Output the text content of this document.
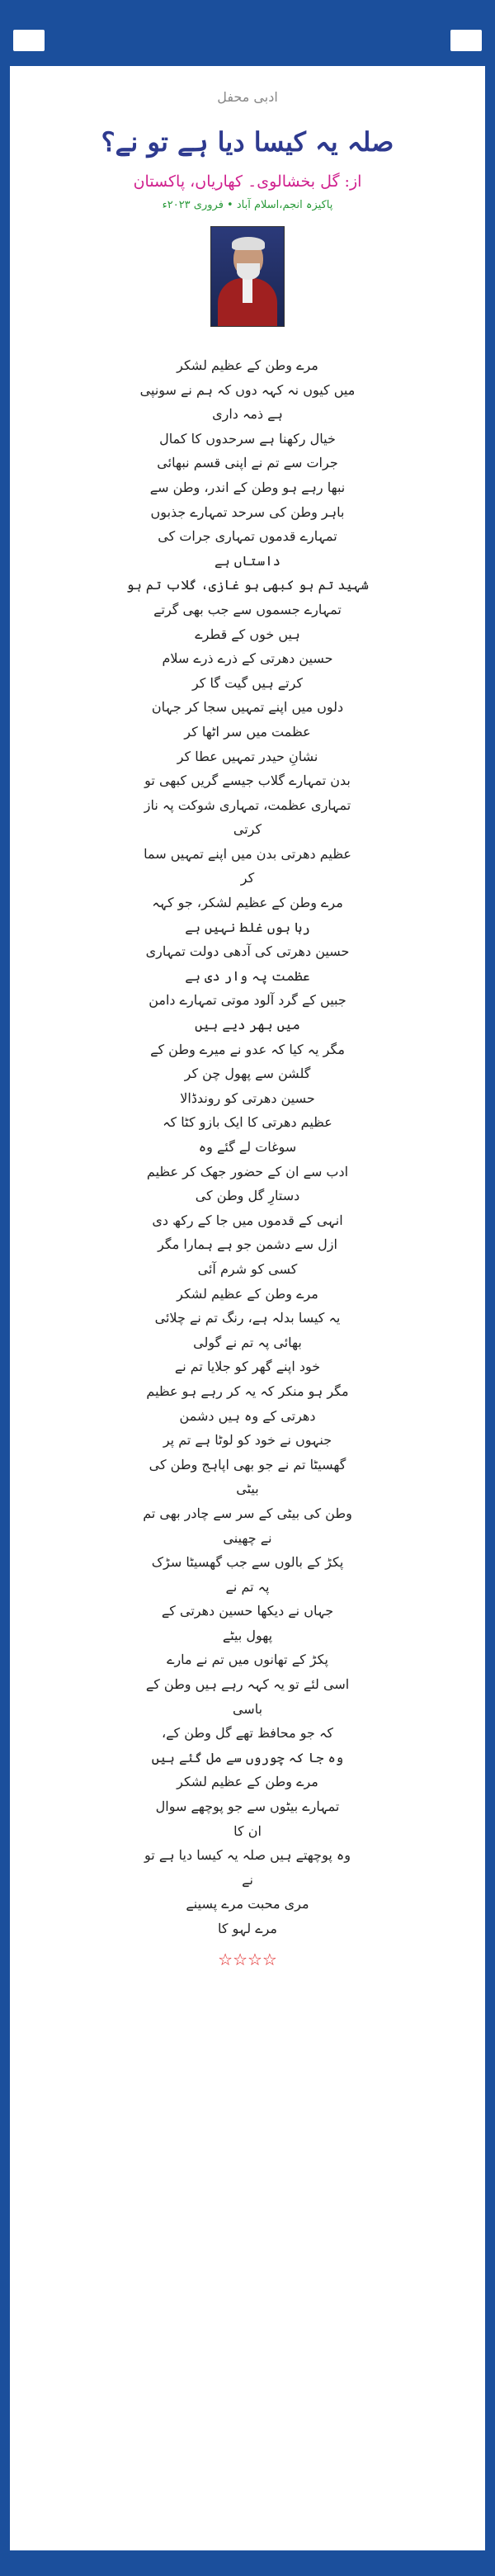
ادبی محفل
صلہ یہ کیسا دیا ہے تو نے؟
از: گل بخشالوی۔ کھاریاں، پاکستان
پاکیزہ انجم،اسلام آباد • فروری ۲۰۲۳ء
مرے وطن کے عظیم لشکر
میں کیوں نہ کہہ دوں کہ ہم نے سونپی
ہے ذمہ داری
خیال رکھنا ہے سرحدوں کا کمال
جرات سے تم نے اپنی قسم نبھائی
نبھا رہے ہو وطن کے اندر، وطن سے
باہر وطن کی سرحد تمہارے جذبوں
تمہارے قدموں تمہاری جرات کی
داستاں ہے
شہید تم ہو کبھی ہو غازی، گلاب تم ہو
تمہارے جسموں سے جب بھی گرتے
ہیں خوں کے قطرے
حسین دھرتی کے ذرے ذرے سلام
کرتے ہیں گیت گا کر
دلوں میں اپنے تمہیں سجا کر جہان
عظمت میں سر اٹھا کر
نشانِ حیدر تمہیں عطا کر
بدن تمہارے گلاب جیسے گریں کبھی تو
تمہاری عظمت، تمہاری شوکت پہ ناز
کرتی
عظیم دھرتی بدن میں اپنے تمہیں سما
کر
مرے وطن کے عظیم لشکر، جو کہہ
رہا ہوں غلط نہیں ہے
حسین دھرتی کی آدھی دولت تمہاری
عظمت پہ وار دی ہے
جبیں کے گرد آلود موتی تمہارے دامن
میں بھر دیے ہیں
مگر یہ کیا کہ عدو نے میرے وطن کے
گلشن سے پھول چن کر
حسین دھرتی کو روندڈالا
عظیم دھرتی کا ایک بازو کٹا کہ
سوغات لے گئے وہ
ادب سے ان کے حضور جھک کر عظیم
دستارِ گل وطن کی
انہی کے قدموں میں جا کے رکھ دی
ازل سے دشمن جو ہے ہمارا مگر
کسی کو شرم آئی
مرے وطن کے عظیم لشکر
یہ کیسا بدلہ ہے، رنگ تم نے چلائی
بھائی پہ تم نے گولی
خود اپنے گھر کو جلایا تم نے
مگر ہو منکر کہ یہ کر رہے ہو عظیم
دھرتی کے وہ ہیں دشمن
جنہوں نے خود کو لوٹا ہے تم پر
گھسیٹا تم نے جو بھی اپاہج وطن کی
بیٹی
وطن کی بیٹی کے سر سے چادر بھی تم
نے چھینی
پکڑ کے بالوں سے جب گھسیٹا سڑک
پہ تم نے
جہاں نے دیکھا حسین دھرتی کے
پھول بیٹے
پکڑ کے تھانوں میں تم نے مارے
اسی لئے تو یہ کہہ رہے ہیں وطن کے
باسی
کہ جو محافظ تھے گل وطن کے،
وہ جا کہ چوروں سے مل گئے ہیں
مرے وطن کے عظیم لشکر
تمہارے بیٹوں سے جو پوچھے سوال
ان کا
وہ پوچھتے ہیں صلہ یہ کیسا دیا ہے تو
نے
مری محبت مرے پسینے
مرے لہو کا
☆☆☆☆
